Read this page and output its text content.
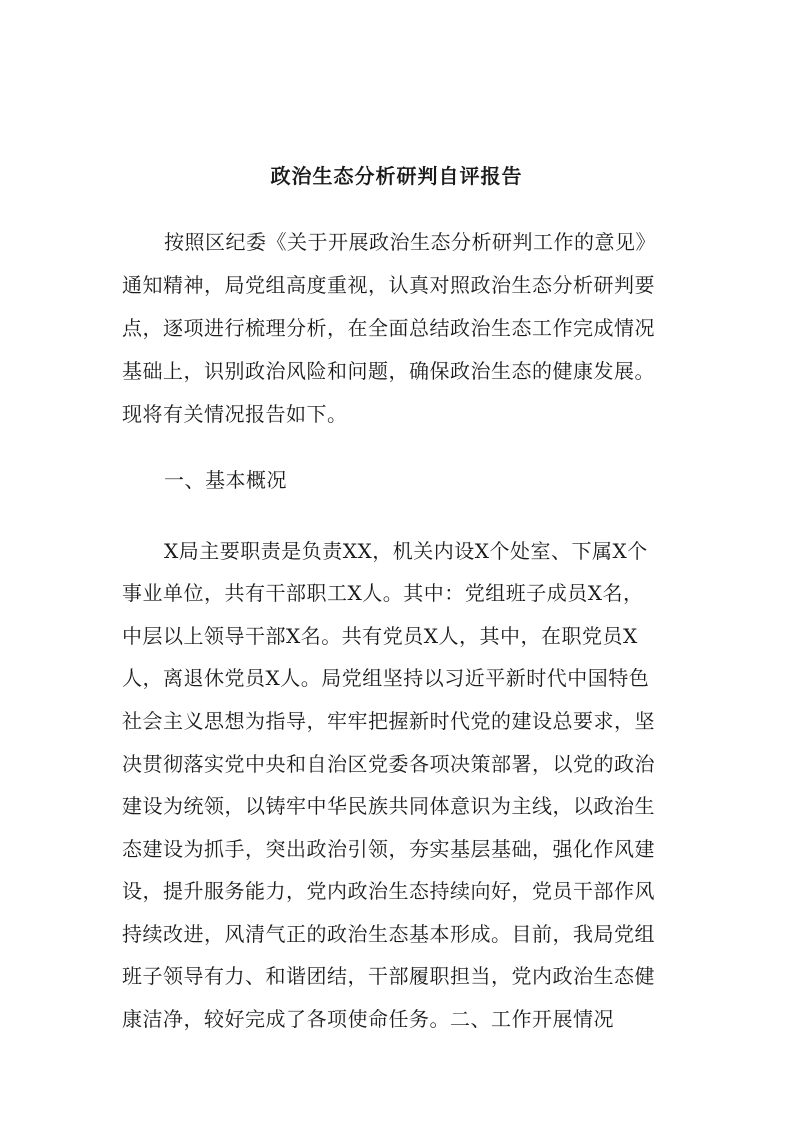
政治生态分析研判自评报告
按照区纪委《关于开展政治生态分析研判工作的意见》
通知精神，局党组高度重视，认真对照政治生态分析研判要
点，逐项进行梳理分析，在全面总结政治生态工作完成情况
基础上，识别政治风险和问题，确保政治生态的健康发展。
现将有关情况报告如下。
一、基本概况
X局主要职责是负责XX，机关内设X个处室、下属X个
事业单位，共有干部职工X人。其中：党组班子成员X名，
中层以上领导干部X名。共有党员X人，其中，在职党员X
人，离退休党员X人。局党组坚持以习近平新时代中国特色
社会主义思想为指导，牢牢把握新时代党的建设总要求，坚
决贯彻落实党中央和自治区党委各项决策部署，以党的政治
建设为统领，以铸牢中华民族共同体意识为主线，以政治生
态建设为抓手，突出政治引领，夯实基层基础，强化作风建
设，提升服务能力，党内政治生态持续向好，党员干部作风
持续改进，风清气正的政治生态基本形成。目前，我局党组
班子领导有力、和谐团结，干部履职担当，党内政治生态健
康洁净，较好完成了各项使命任务。二、工作开展情况
